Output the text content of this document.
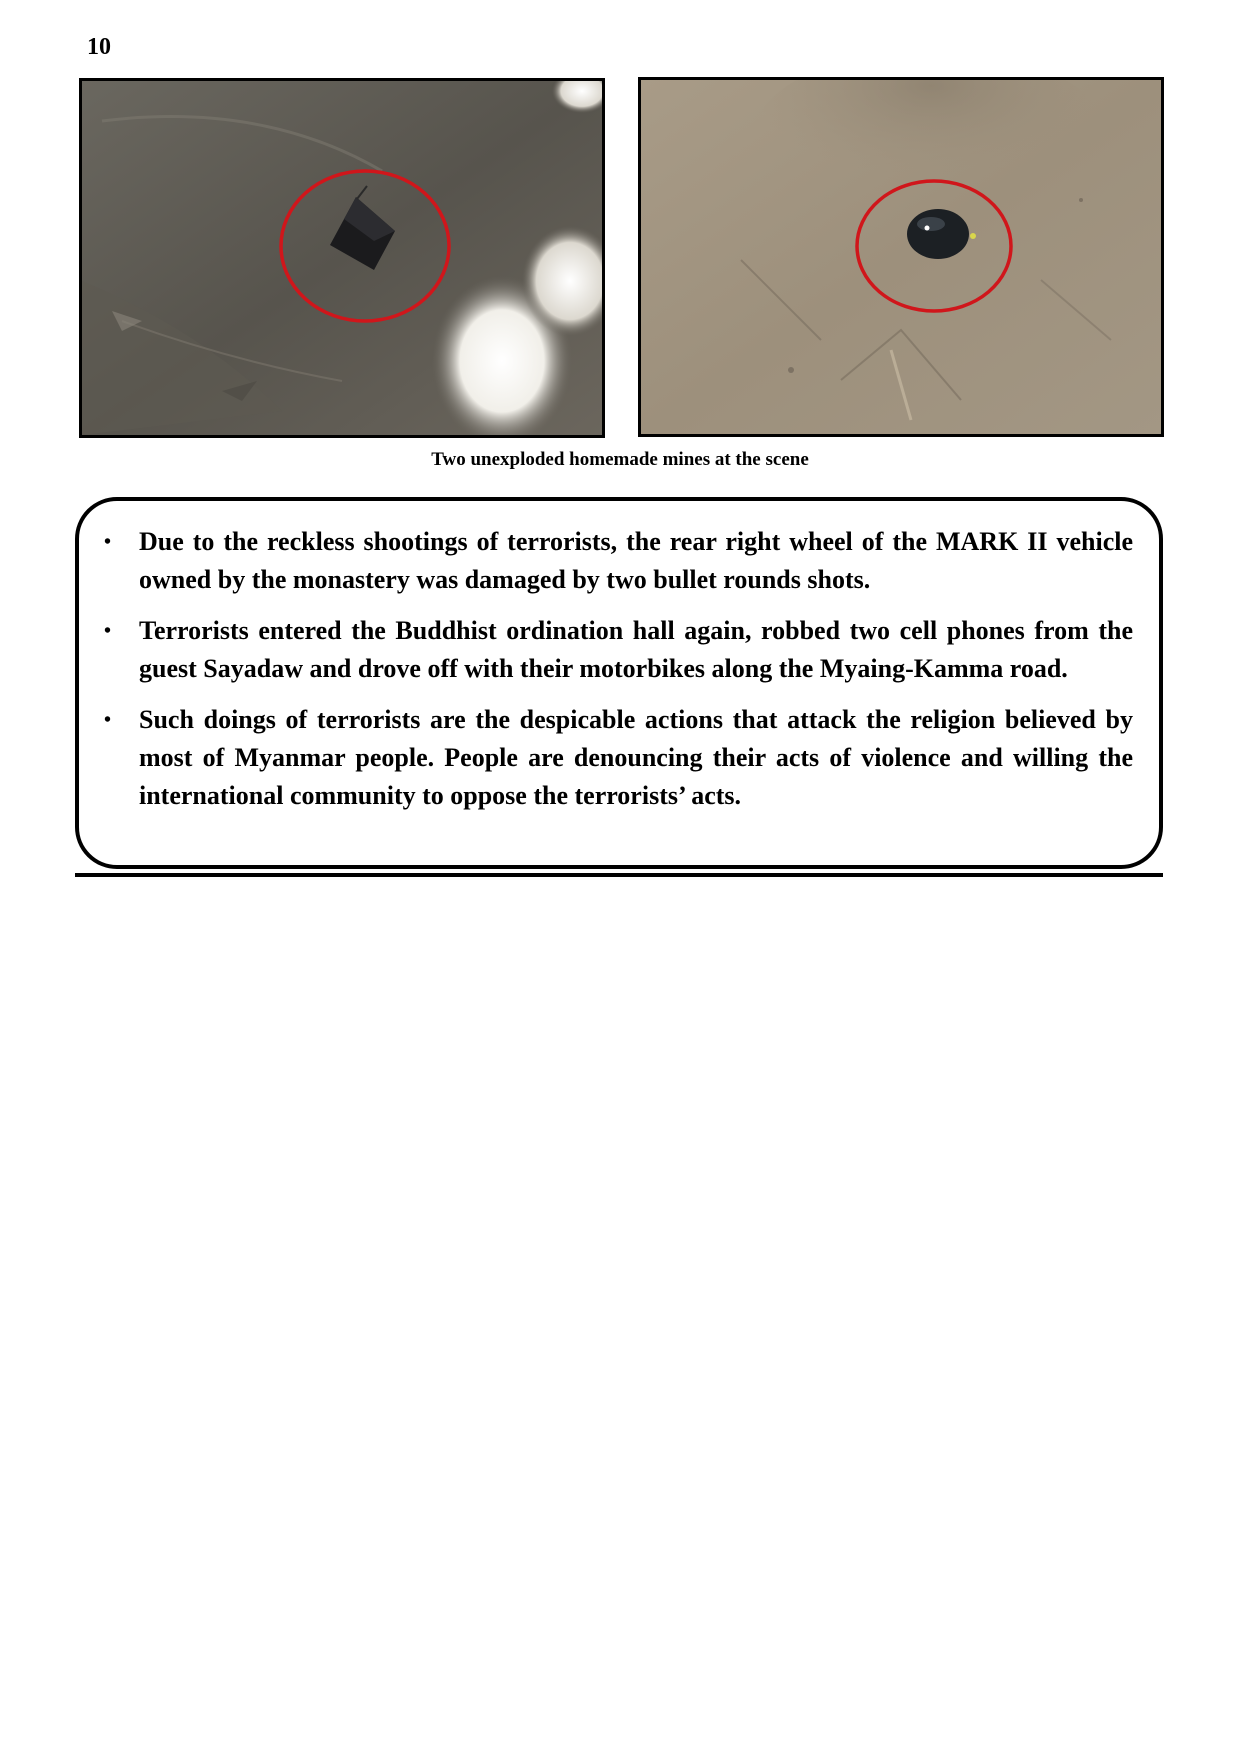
10
Two unexploded homemade mines at the scene
• Due to the reckless shootings of terrorists, the rear right wheel of the MARK II vehicle owned by the monastery was damaged by two bullet rounds shots.
• Terrorists entered the Buddhist ordination hall again, robbed two cell phones from the guest Sayadaw and drove off with their motorbikes along the Myaing-Kamma road.
• Such doings of terrorists are the despicable actions that attack the religion believed by most of Myanmar people. People are denouncing their acts of violence and willing the international community to oppose the terrorists’ acts.
